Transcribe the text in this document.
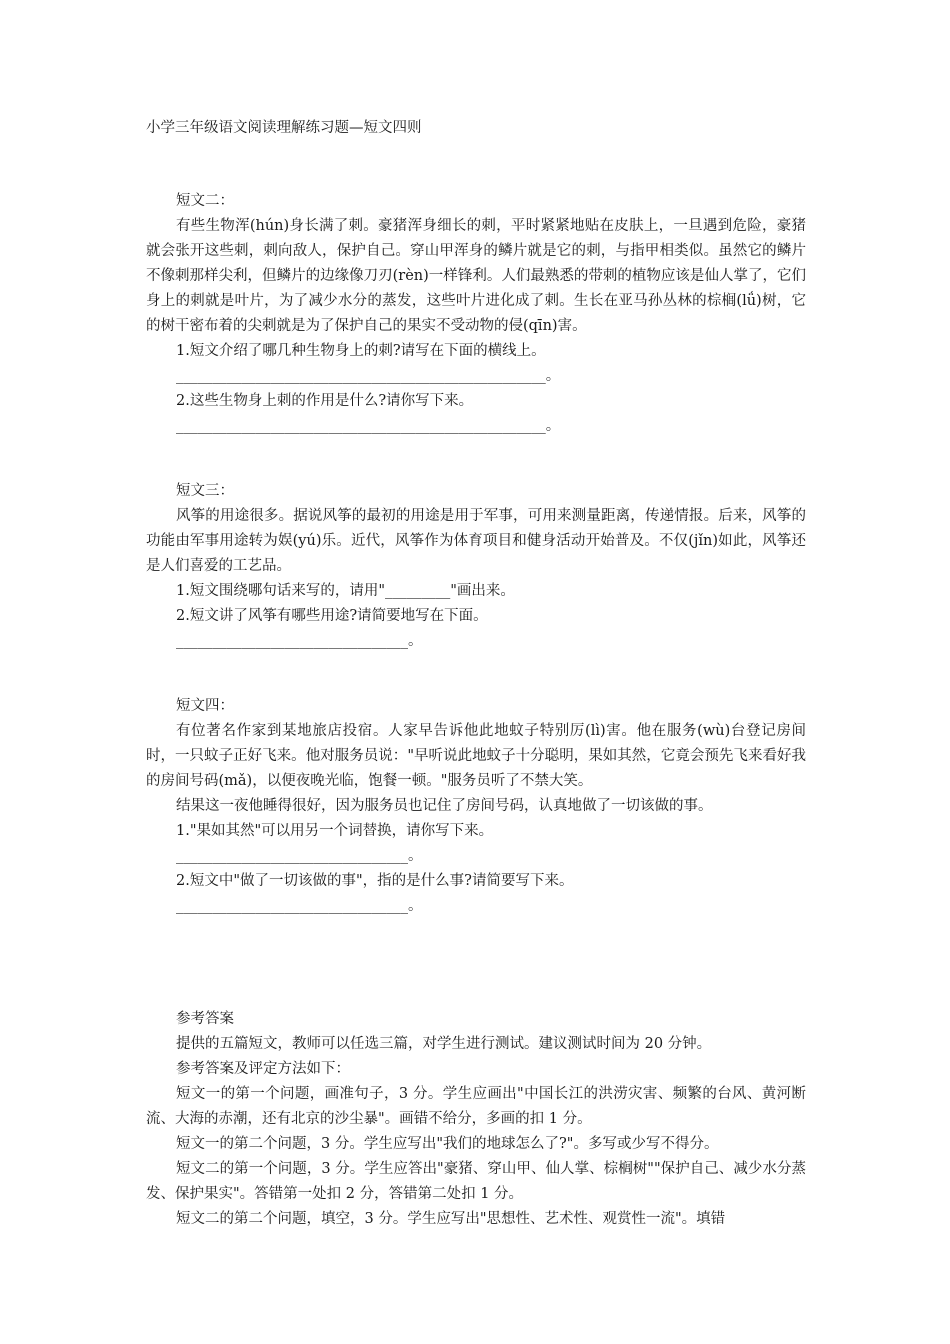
小学三年级语文阅读理解练习题—短文四则

短文二：

有些生物浑(hún)身长满了刺。豪猪浑身细长的刺，平时紧紧地贴在皮肤上，一旦遇到危险，豪猪就会张开这些刺，刺向敌人，保护自己。穿山甲浑身的鳞片就是它的刺，与指甲相类似。虽然它的鳞片不像刺那样尖利，但鳞片的边缘像刀刃(rèn)一样锋利。人们最熟悉的带刺的植物应该是仙人掌了，它们身上的刺就是叶片，为了减少水分的蒸发，这些叶片进化成了刺。生长在亚马孙丛林的棕榈(lǘ)树，它的树干密布着的尖刺就是为了保护自己的果实不受动物的侵(qīn)害。

1.短文介绍了哪几种生物身上的刺?请写在下面的横线上。

___________________________________________________。

2.这些生物身上刺的作用是什么?请你写下来。

___________________________________________________。

短文三：

风筝的用途很多。据说风筝的最初的用途是用于军事，可用来测量距离，传递情报。后来，风筝的功能由军事用途转为娱(yú)乐。近代，风筝作为体育项目和健身活动开始普及。不仅(jǐn)如此，风筝还是人们喜爱的工艺品。

1.短文围绕哪句话来写的，请用"_________"画出来。

2.短文讲了风筝有哪些用途?请简要地写在下面。

________________________________。

短文四：

有位著名作家到某地旅店投宿。人家早告诉他此地蚊子特别厉(lì)害。他在服务(wù)台登记房间时，一只蚊子正好飞来。他对服务员说："早听说此地蚊子十分聪明，果如其然，它竟会预先飞来看好我的房间号码(mǎ)，以便夜晚光临，饱餐一顿。"服务员听了不禁大笑。

结果这一夜他睡得很好，因为服务员也记住了房间号码，认真地做了一切该做的事。

1."果如其然"可以用另一个词替换，请你写下来。

________________________________。

2.短文中"做了一切该做的事"，指的是什么事?请简要写下来。

________________________________。

参考答案

提供的五篇短文，教师可以任选三篇，对学生进行测试。建议测试时间为 20 分钟。

参考答案及评定方法如下：

短文一的第一个问题，画准句子，3 分。学生应画出"中国长江的洪涝灾害、频繁的台风、黄河断流、大海的赤潮，还有北京的沙尘暴"。画错不给分，多画的扣 1 分。

短文一的第二个问题，3 分。学生应写出"我们的地球怎么了?"。多写或少写不得分。

短文二的第一个问题，3 分。学生应答出"豪猪、穿山甲、仙人掌、棕榈树""保护自己、减少水分蒸发、保护果实"。答错第一处扣 2 分，答错第二处扣 1 分。

短文二的第二个问题，填空，3 分。学生应写出"思想性、艺术性、观赏性一流"。填错
